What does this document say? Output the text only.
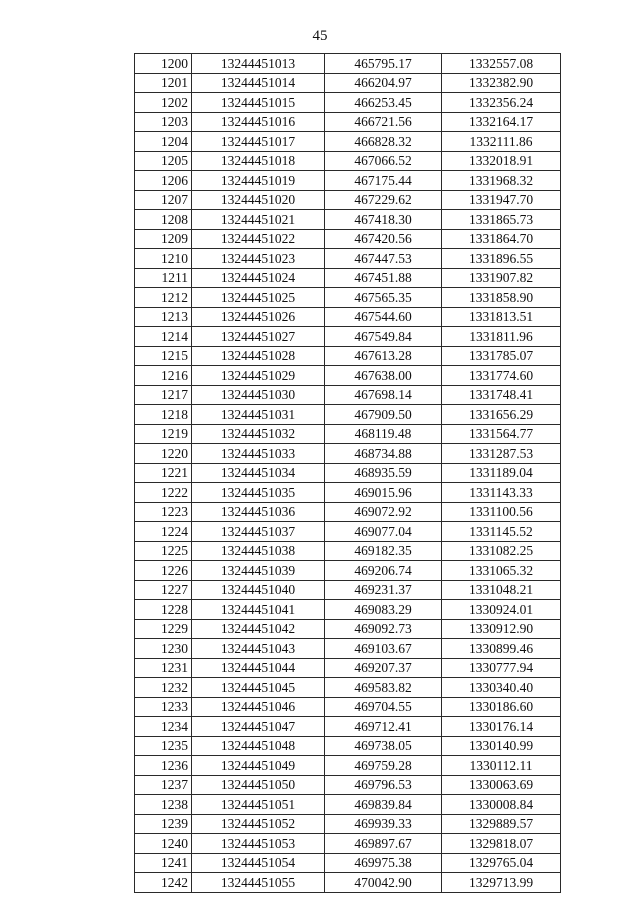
45
1200	13244451013	465795.17	1332557.08
1201	13244451014	466204.97	1332382.90
1202	13244451015	466253.45	1332356.24
1203	13244451016	466721.56	1332164.17
1204	13244451017	466828.32	1332111.86
1205	13244451018	467066.52	1332018.91
1206	13244451019	467175.44	1331968.32
1207	13244451020	467229.62	1331947.70
1208	13244451021	467418.30	1331865.73
1209	13244451022	467420.56	1331864.70
1210	13244451023	467447.53	1331896.55
1211	13244451024	467451.88	1331907.82
1212	13244451025	467565.35	1331858.90
1213	13244451026	467544.60	1331813.51
1214	13244451027	467549.84	1331811.96
1215	13244451028	467613.28	1331785.07
1216	13244451029	467638.00	1331774.60
1217	13244451030	467698.14	1331748.41
1218	13244451031	467909.50	1331656.29
1219	13244451032	468119.48	1331564.77
1220	13244451033	468734.88	1331287.53
1221	13244451034	468935.59	1331189.04
1222	13244451035	469015.96	1331143.33
1223	13244451036	469072.92	1331100.56
1224	13244451037	469077.04	1331145.52
1225	13244451038	469182.35	1331082.25
1226	13244451039	469206.74	1331065.32
1227	13244451040	469231.37	1331048.21
1228	13244451041	469083.29	1330924.01
1229	13244451042	469092.73	1330912.90
1230	13244451043	469103.67	1330899.46
1231	13244451044	469207.37	1330777.94
1232	13244451045	469583.82	1330340.40
1233	13244451046	469704.55	1330186.60
1234	13244451047	469712.41	1330176.14
1235	13244451048	469738.05	1330140.99
1236	13244451049	469759.28	1330112.11
1237	13244451050	469796.53	1330063.69
1238	13244451051	469839.84	1330008.84
1239	13244451052	469939.33	1329889.57
1240	13244451053	469897.67	1329818.07
1241	13244451054	469975.38	1329765.04
1242	13244451055	470042.90	1329713.99
